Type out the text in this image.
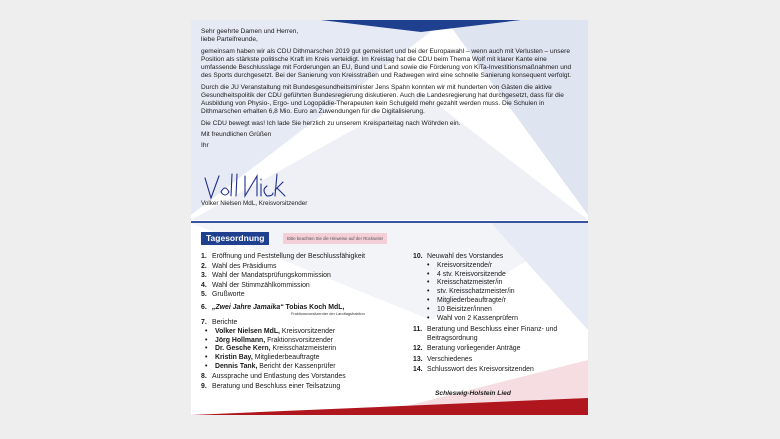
Sehr geehrte Damen und Herren,

liebe Parteifreunde,

gemeinsam haben wir als CDU Dithmarschen 2019 gut gemeistert und bei der Europawahl – wenn auch mit Verlusten – unsere Position als stärkste politische Kraft im Kreis verteidigt. Im Kreistag hat die CDU beim Thema Wolf mit klarer Kante eine umfassende Beschlusslage mit Forderungen an EU, Bund und Land sowie die Förderung von KiTa-Investitionsmaßnahmen und des Sports durchgesetzt. Bei der Sanierung von Kreisstraßen und Radwegen wird eine schnelle Sanierung konsequent verfolgt.

Durch die JU Veranstaltung mit Bundesgesundheitsminister Jens Spahn konnten wir mit hunderten von Gästen die aktive Gesundheitspolitik der CDU geführten Bundesregierung diskutieren. Auch die Landesregierung hat durchgesetzt, dass für die Ausbildung von Physio-, Ergo- und Logopädie-Therapeuten kein Schulgeld mehr gezahlt werden muss. Die Schulen in Dithmarschen erhalten 6,8 Mio. Euro an Zuwendungen für die Digitalisierung.

Die CDU bewegt was! Ich lade Sie herzlich zu unserem Kreisparteitag nach Wöhrden ein.

Mit freundlichen Grüßen

Ihr

Volker Nielsen MdL, Kreisvorsitzender
Tagesordnung	Bitte beachten Sie die Hinweise auf der Rückseite!
1. Eröffnung und Feststellung der Beschlussfähigkeit
2. Wahl des Präsidiums
3. Wahl der Mandatsprüfungskommission
4. Wahl der Stimmzählkommission
5. Grußworte
6. „Zwei Jahre Jamaika“ Tobias Koch MdL,
Fraktionsvorsitzender der Landtagsfraktion
7. Berichte
•	Volker Nielsen MdL, Kreisvorsitzender
•	Jörg Hollmann, Fraktionsvorsitzender
•	Dr. Gesche Kern, Kreisschatzmeisterin
•	Kristin Bay, Mitgliederbeauftragte
•	Dennis Tank, Bericht der Kassenprüfer
8. Aussprache und Entlastung des Vorstandes
9. Beratung und Beschluss einer Teilsatzung
10. Neuwahl des Vorstandes
•	Kreisvorsitzende/r
•	4 stv. Kreisvorsitzende
•	Kreisschatzmeister/in
•	stv. Kreisschatzmeister/in
•	Mitgliederbeauftragte/r
•	10 Beisitzer/innen
•	Wahl von 2 Kassenprüfern
11. Beratung und Beschluss einer Finanz- und Beitragsordnung
12. Beratung vorliegender Anträge
13. Verschiedenes
14. Schlusswort des Kreisvorsitzenden
Schleswig-Holstein Lied
